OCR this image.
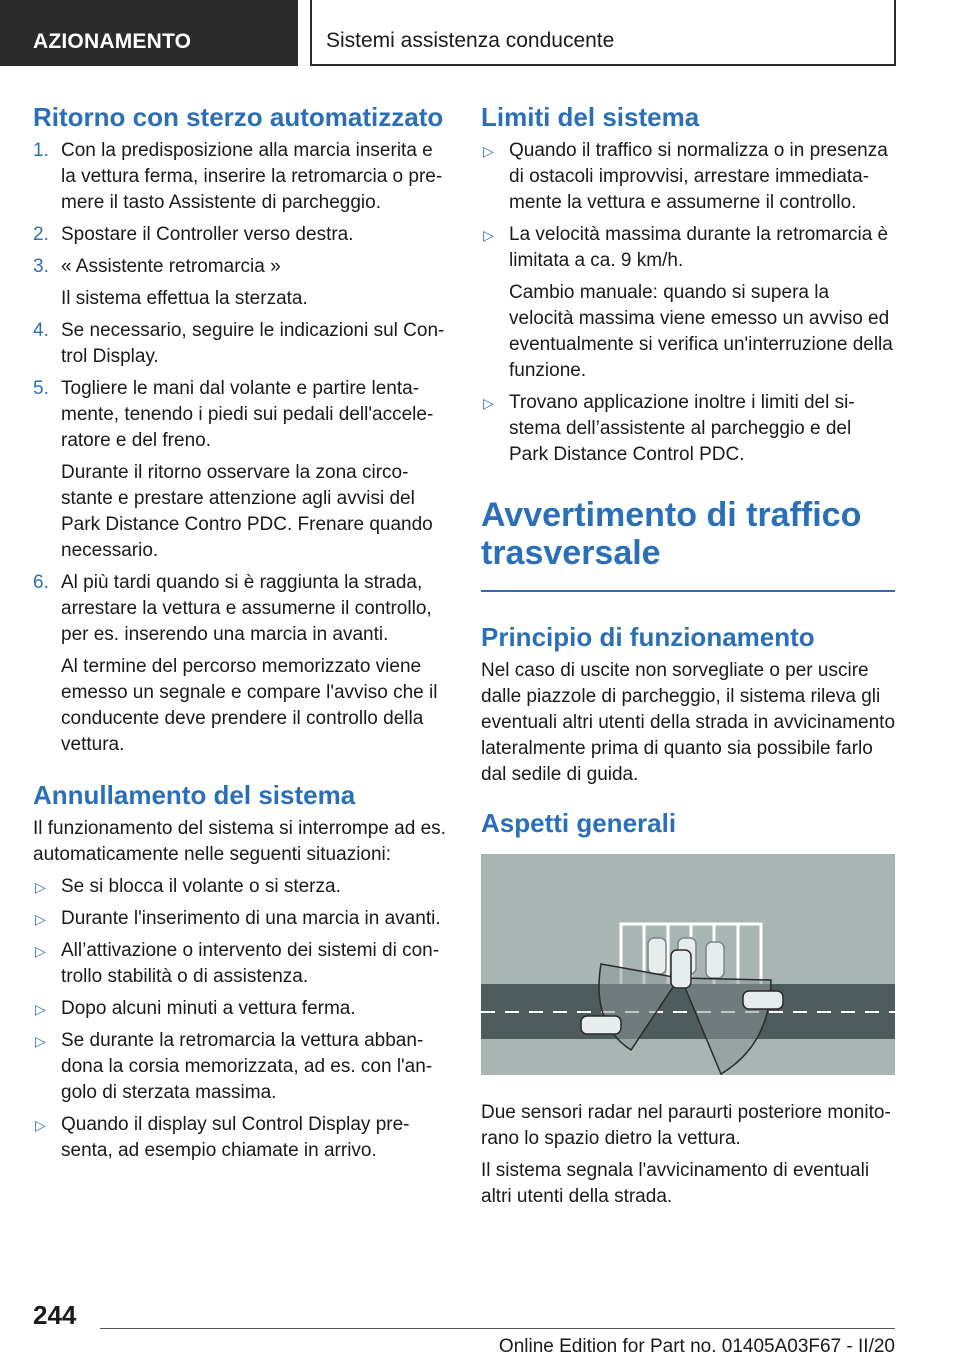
AZIONAMENTO	Sistemi assistenza conducente
Ritorno con sterzo automatizzato
1. Con la predisposizione alla marcia inserita e la vettura ferma, inserire la retromarcia o premere il tasto Assistente di parcheggio.

2. Spostare il Controller verso destra.

3. « Assistente retromarcia »

Il sistema effettua la sterzata.

4. Se necessario, seguire le indicazioni sul Control Display.

5. Togliere le mani dal volante e partire lentamente, tenendo i piedi sui pedali dell'acceleratore e del freno.

Durante il ritorno osservare la zona circostante e prestare attenzione agli avvisi del Park Distance Contro PDC. Frenare quando necessario.

6. Al più tardi quando si è raggiunta la strada, arrestare la vettura e assumerne il controllo, per es. inserendo una marcia in avanti.

Al termine del percorso memorizzato viene emesso un segnale e compare l'avviso che il conducente deve prendere il controllo della vettura.

Annullamento del sistema

Il funzionamento del sistema si interrompe ad es. automaticamente nelle seguenti situazioni:

▷ Se si blocca il volante o si sterza.

▷ Durante l'inserimento di una marcia in avanti.

▷ All’attivazione o intervento dei sistemi di controllo stabilità o di assistenza.

▷ Dopo alcuni minuti a vettura ferma.

▷ Se durante la retromarcia la vettura abbandona la corsia memorizzata, ad es. con l'angolo di sterzata massima.

▷ Quando il display sul Control Display presenta, ad esempio chiamate in arrivo.

Limiti del sistema
▷ Quando il traffico si normalizza o in presenza di ostacoli improvvisi, arrestare immediatamente la vettura e assumerne il controllo.

▷ La velocità massima durante la retromarcia è limitata a ca. 9 km/h.

Cambio manuale: quando si supera la velocità massima viene emesso un avviso ed eventualmente si verifica un'interruzione della funzione.

▷ Trovano applicazione inoltre i limiti del sistema dell’assistente al parcheggio e del Park Distance Control PDC.

Avvertimento di traffico
trasversale
Principio di funzionamento

Nel caso di uscite non sorvegliate o per uscire dalle piazzole di parcheggio, il sistema rileva gli eventuali altri utenti della strada in avvicinamento lateralmente prima di quanto sia possibile farlo dal sedile di guida.

Aspetti generali

Due sensori radar nel paraurti posteriore monitorano lo spazio dietro la vettura.

Il sistema segnala l'avvicinamento di eventuali altri utenti della strada.

244
Online Edition for Part no. 01405A03F67 - II/20
